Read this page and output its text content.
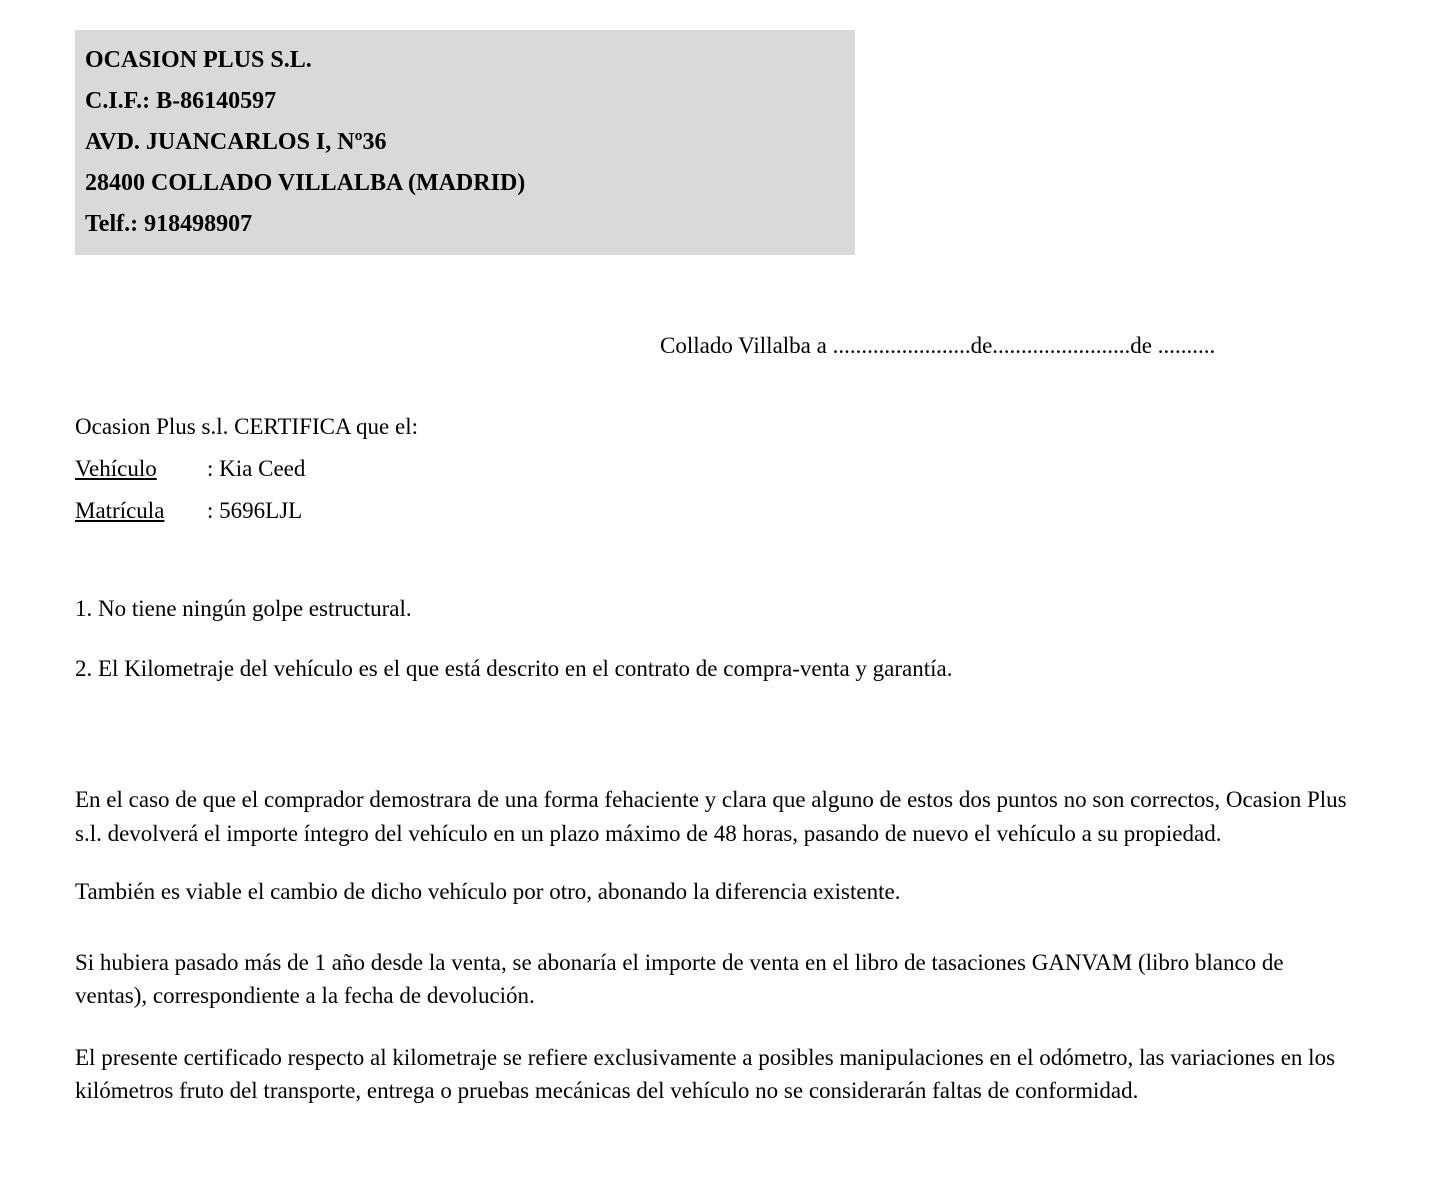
OCASION PLUS S.L.
C.I.F.: B-86140597
AVD. JUANCARLOS I, Nº36
28400 COLLADO VILLALBA (MADRID)
Telf.: 918498907
Collado Villalba a ........................de........................de ..........
Ocasion Plus s.l. CERTIFICA que el:
Vehículo : Kia Ceed
Matrícula : 5696LJL
1. No tiene ningún golpe estructural.
2. El Kilometraje del vehículo es el que está descrito en el contrato de compra-venta y garantía.

En el caso de que el comprador demostrara de una forma fehaciente y clara que alguno de estos dos puntos no son correctos, Ocasion Plus s.l. devolverá el importe íntegro del vehículo en un plazo máximo de 48 horas, pasando de nuevo el vehículo a su propiedad.

También es viable el cambio de dicho vehículo por otro, abonando la diferencia existente.

Si hubiera pasado más de 1 año desde la venta, se abonaría el importe de venta en el libro de tasaciones GANVAM (libro blanco de ventas), correspondiente a la fecha de devolución.

El presente certificado respecto al kilometraje se refiere exclusivamente a posibles manipulaciones en el odómetro, las variaciones en los kilómetros fruto del transporte, entrega o pruebas mecánicas del vehículo no se considerarán faltas de conformidad.
